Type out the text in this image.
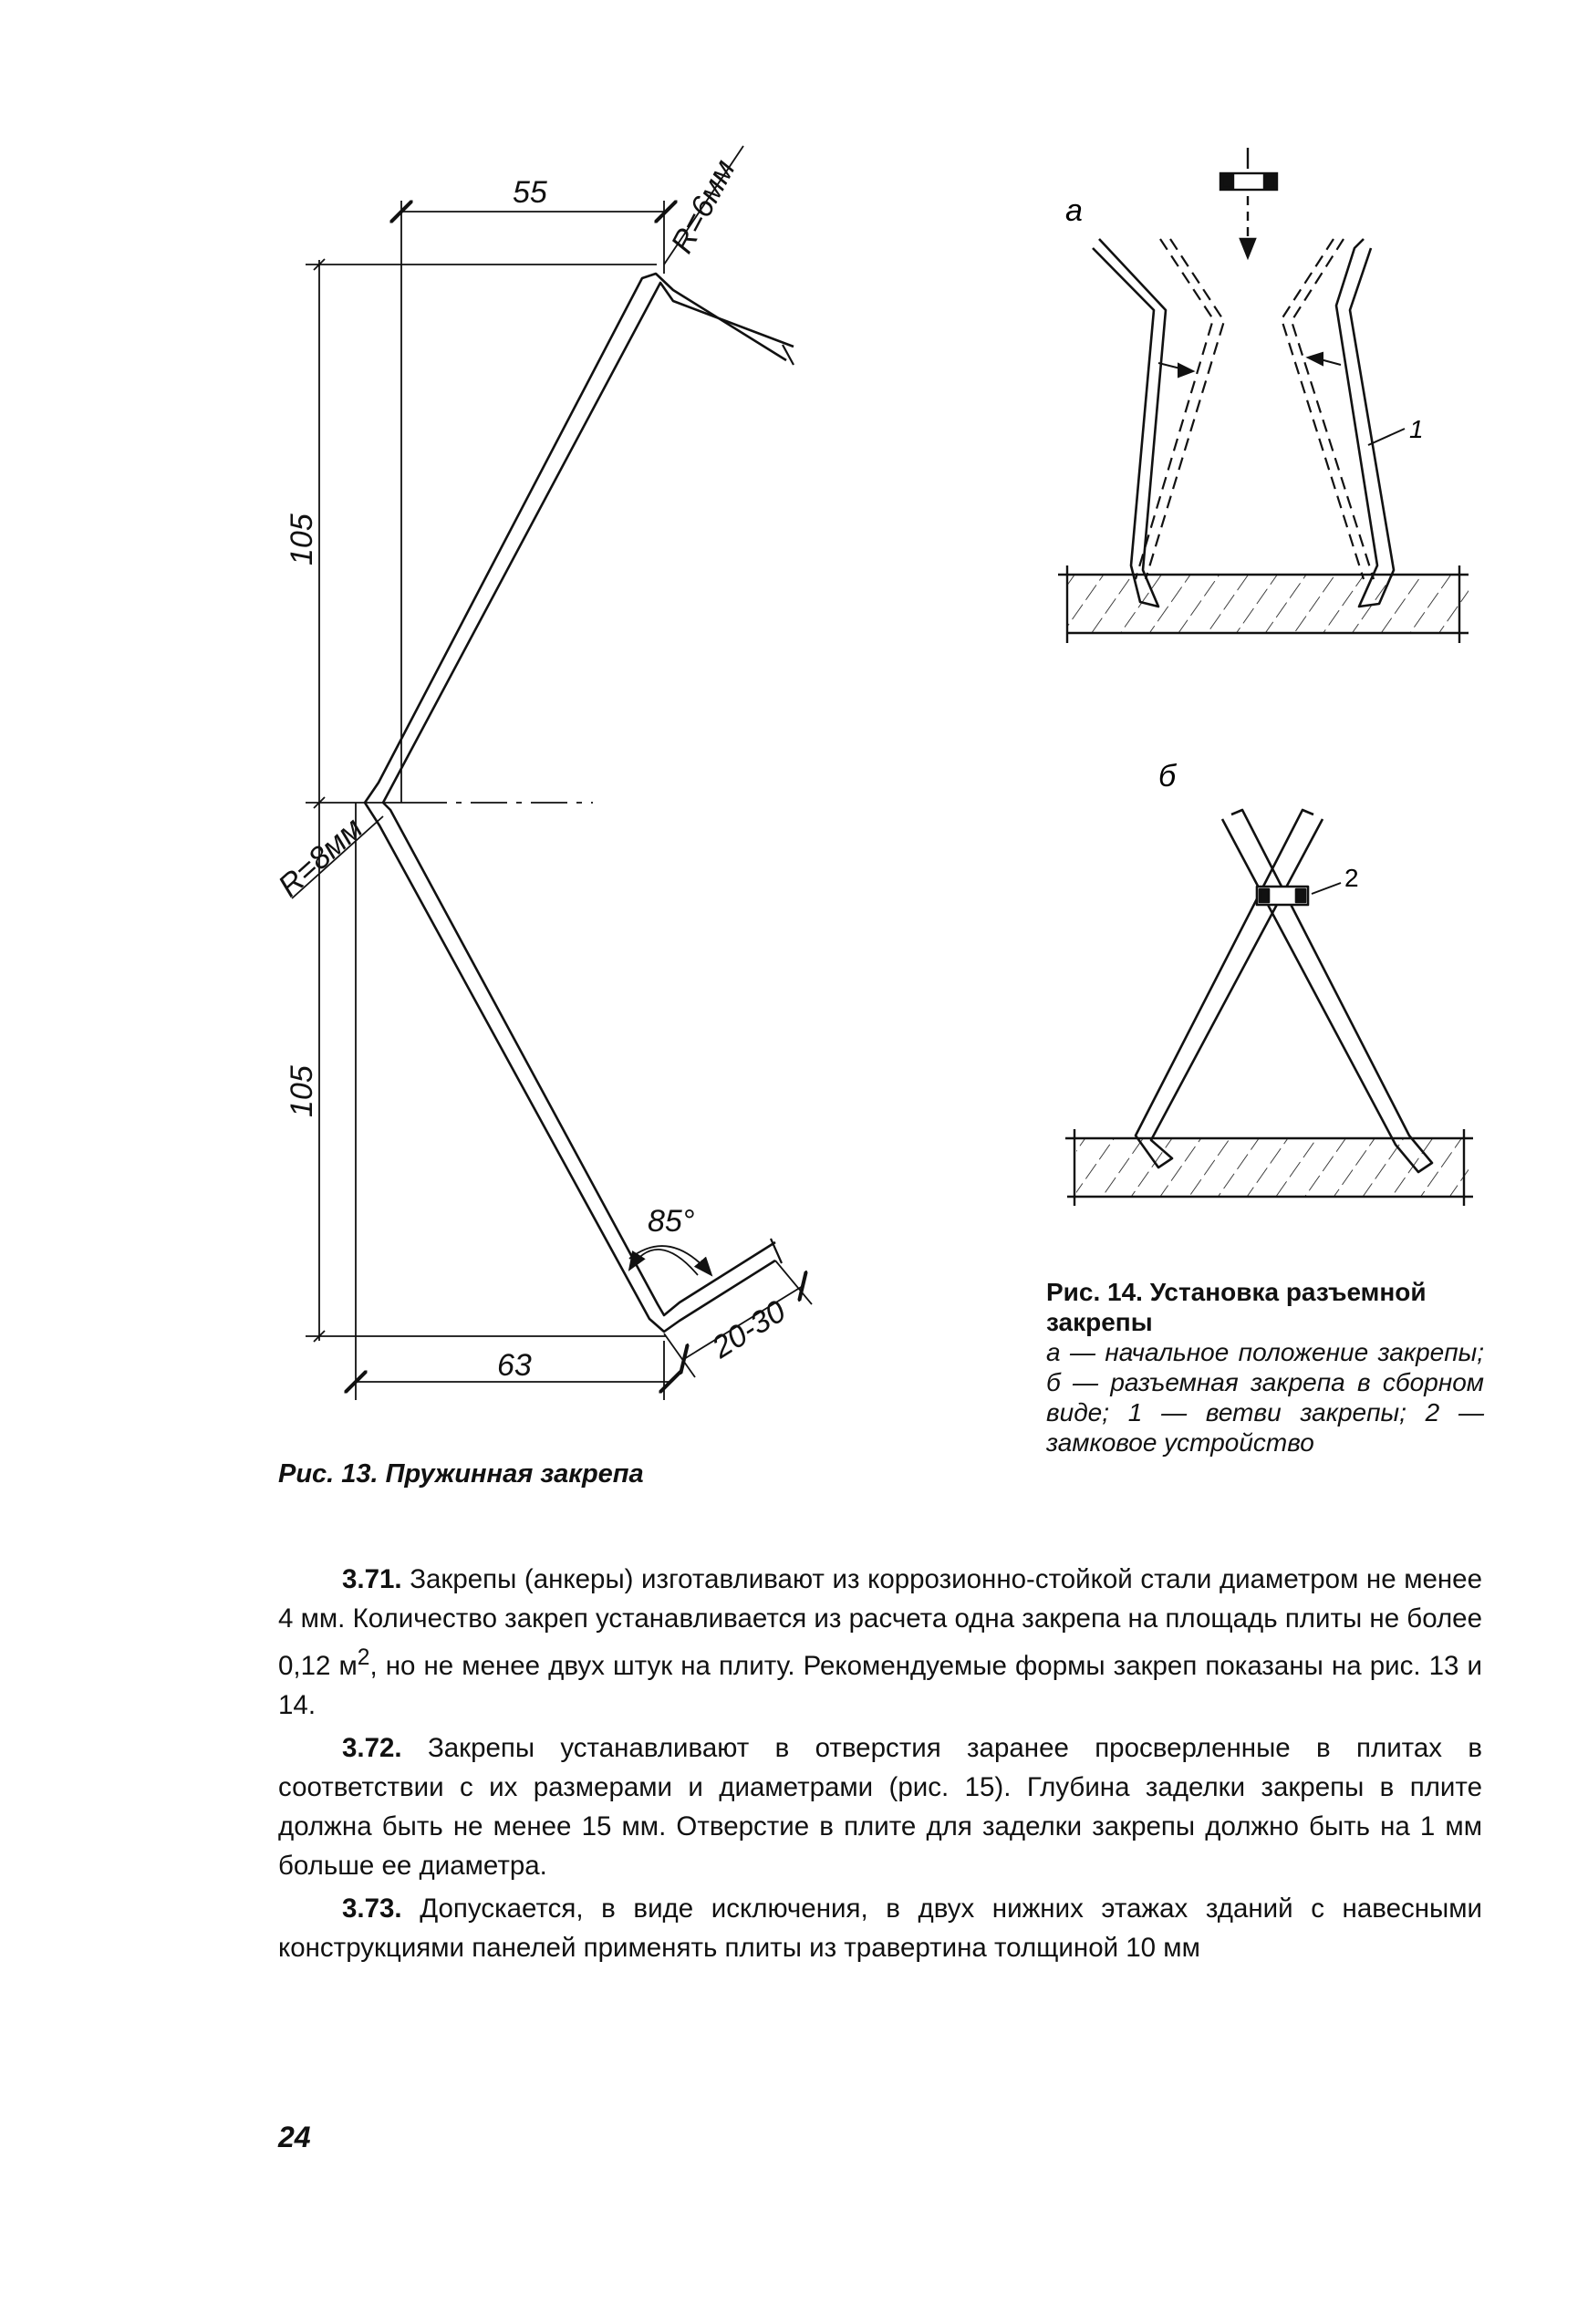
55	R=6мм
105
R=8мм
105
85°
20-30
63
а
1
б
2
Рис. 13. Пружинная закрепа
Рис. 14. Установка разъемной закрепы
а — начальное положение закрепы; б — разъемная закрепа в сборном виде; 1 — ветви закрепы; 2 — замковое устройство

3.71. Закрепы (анкеры) изготавливают из коррозионно-стойкой стали диаметром не менее 4 мм. Количество закреп устанавливается из расчета одна закрепа на площадь плиты не более 0,12 $м^2$, но не менее двух штук на плиту. Рекомендуемые формы закреп показаны на рис. 13 и 14.

3.72. Закрепы устанавливают в отверстия заранее просверленные в плитах в соответствии с их размерами и диаметрами (рис. 15). Глубина заделки закрепы в плите должна быть не менее 15 мм. Отверстие в плите для заделки закрепы должно быть на 1 мм больше ее диаметра.

3.73. Допускается, в виде исключения, в двух нижних этажах зданий с навесными конструкциями панелей применять плиты из травертина толщиной 10 мм

24
